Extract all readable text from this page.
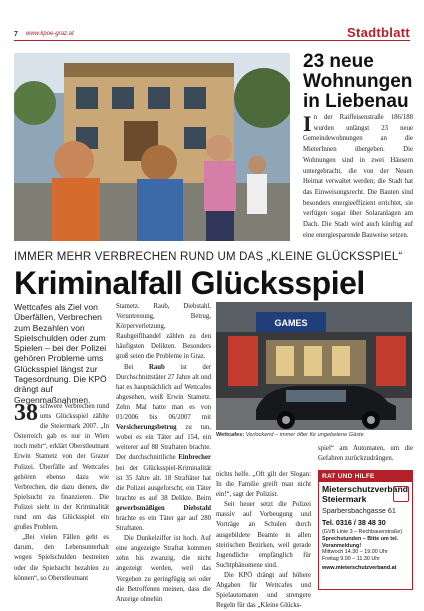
7 www.kpoe-graz.at	Stadtblatt
23 neue Wohnungen in Liebenau
In der Raiffeisenstraße 186/188 wurden unlängst 23 neue Gemeindewohnungen an die MieterInnen übergeben. Die Wohnungen sind in zwei Häusern untergebracht, die von der Neuen Heimat verwaltet werden; die Stadt hat das Einweisungsrecht. Die Bauten sind besonders energieeffizient errichtet, sie verfügen sogar über Solaranlagen am Dach. Die Stadt wird auch künftig auf eine energiesparende Bauweise setzen.
IMMER MEHR VERBRECHEN RUND UM DAS „KLEINE GLÜCKSSPIEL“
Kriminalfall Glücksspiel
Wettcafes als Ziel von Überfällen, Verbrechen zum Bezahlen von Spielschulden oder zum Spielen – bei der Polizei gehören Probleme ums Glücksspiel längst zur Tagesordnung. Die KPÖ drängt auf Gegenmaßnahmen.
38 schwere Verbrechen rund ums Glücksspiel zählte die Steiermark 2007. „In Österreich gab es nur in Wien noch mehr“, erklärt Oberstleutnant Erwin Stametz von der Grazer Polizei. Überfälle auf Wettcafes gehören ebenso dazu wie Verbrechen, die dazu dienen, die Spielsucht zu finanzieren. Die Polizei sieht in der Kriminalität rund um das Glücksspiel ein großes Problem.

„Bei vielen Fällen geht es darum, den Lebensunterhalt wegen Spielschulden bestreiten oder die Spielsucht bezahlen zu können“, so Oberstleutnant

Stametz. Raub, Diebstahl, Veruntreuung, Betrug, Körperverletzung, Raubgeiflhandel zählen zu den häufigsten Delikten. Besonders groß seien die Probleme in Graz.

Bei Raub ist der Durchschnittstäter 27 Jahre alt und hat es hauptsächlich auf Wettcafes abgesehen, weiß Erwin Stametz. Zehn Mal hatte man es von 01/2006 bis 06/2007 mit Versicherungsbetrug zu tun, wobei es ein Täter auf 154, ein weiterer auf 88 Straftaten brachte. Der durchschnittliche Einbrecher bei der Glücksspiel-Kriminalität ist 35 Jahre alt. 18 Straftäter hat die Polizei ausgeforscht, ein Täter brachte es auf 38 Delikte. Beim gewerbsmäßigen Diebstahl brachte es ein Täter gar auf 280 Straftaten.

Die Dunkelziffer ist hoch. Auf eine angezeigte Straftat kommen zehn bis zwanzig, die nicht angezeigt werden, weil das Vergehen zu geringfügig sei oder die Betroffenen meinen, dass die Anzeige ohnehin

GAMES
Wettcafes: Verlockend – immer öfter für ungebetene Gäste

nichts helfe. „Oft gilt der Slogan: In die Familie greift man nicht ein!“, sagt der Polizist.

Seit heuer setzt die Polizei massiv auf Vorbeugung und Vorträge an Schulen durch ausgebildete Beamte in allen steirischen Bezirken, weil gerade Jugendliche empfänglich für Suchtphänomene sind.

Die KPÖ drängt auf höhere Abgaben für Wettcafes und Spielautomaten und strengere Regeln für das „Kleine Glücks-

spiel“ am Automaten, um die Gefahren zurückzudrängen.

RAT UND HILFE
Mieterschutzverband Steiermark
Sparbersbachgasse 61
Tel. 0316 / 38 48 30
(GVB Linie 3 – Rechbauerstraße)
Sprechstunden – Bitte um tel. Voranmeldung!
Mittwoch 14.30 – 19.00 Uhr
Freitag 9.00 – 11.30 Uhr
www.mieterschutzverband.at
